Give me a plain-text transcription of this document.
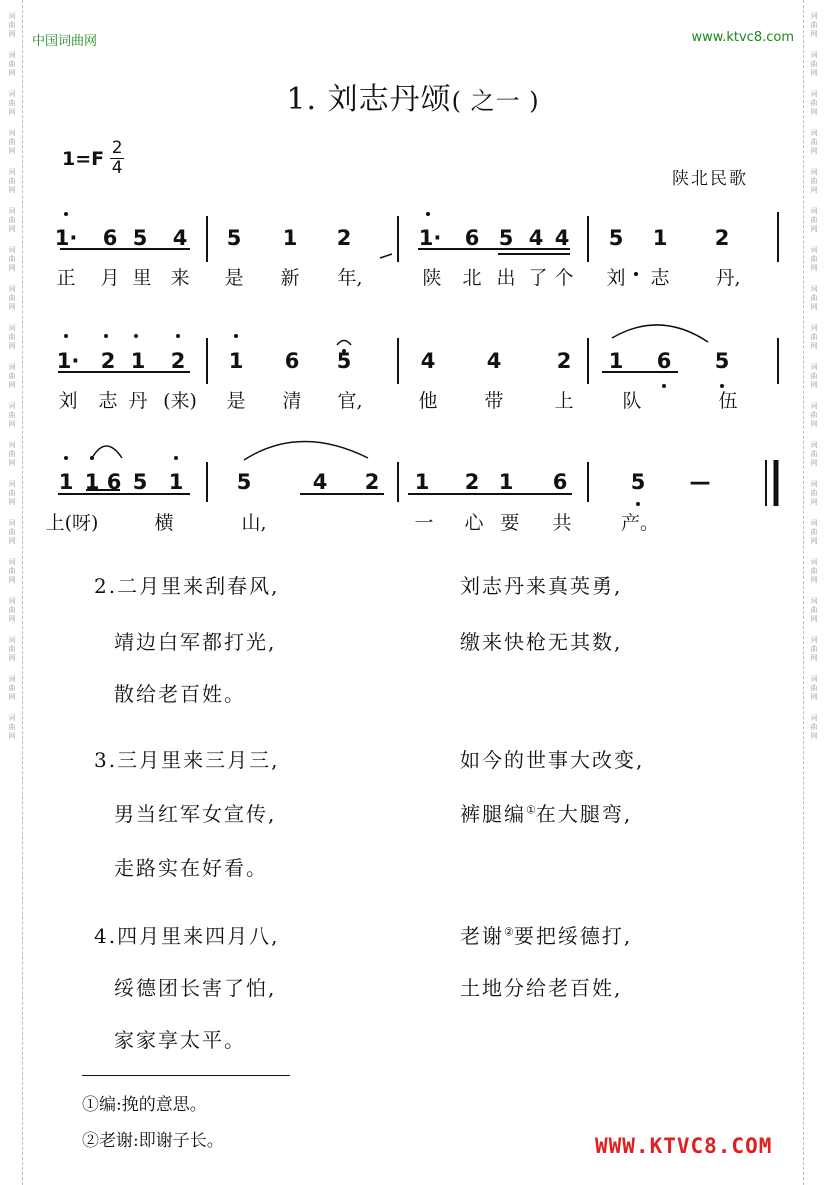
词
曲
网
词
曲
网
词
曲
网
词
曲
网
词
曲
网
词
曲
网
词
曲
网
词
曲
网
词
曲
网
词
曲
网
词
曲
网
词
曲
网
词
曲
网
词
曲
网
词
曲
网
词
曲
网
词
曲
网
词
曲
网
词
曲
网
词
曲
网
词
曲
网
词
曲
网
词
曲
网
词
曲
网
词
曲
网
词
曲
网
词
曲
网
词
曲
网
词
曲
网
词
曲
网
词
曲
网
词
曲
网
词
曲
网
词
曲
网
词
曲
网
词
曲
网
词
曲
网
词
曲
网
中国词曲网	www.ktvc8.com
1. 刘志丹颂( 之一 )
$1=F \frac{2}{4}$
陕北民歌
1· 6 5 4 5 1 2	1· 6 5 4 4 5 1 2
正 月 里 来 是 新 年,	陕 北 出 了 个 刘 志 丹,
1· 2 1 2 1 6 5	4 4	2 1 6 5
刘 志 丹 (来) 是 清 官,	他 带	上	队	伍
1 1 6 5 1	5	4 2 1 2 1 6	5 —
上(呀)	横	山,	一 心 要 共	产。
2.二月里来刮春风,	刘志丹来真英勇,
靖边白军都打光,	缴来快枪无其数,
散给老百姓。
3.三月里来三月三,	如今的世事大改变,
男当红军女宣传,	裤腿编①在大腿弯,
走路实在好看。
4.四月里来四月八,	老谢②要把绥德打,
绥德团长害了怕,	土地分给老百姓,
家家享太平。
①编:挽的意思。
②老谢:即谢子长。	WWW.KTVC8.COM
